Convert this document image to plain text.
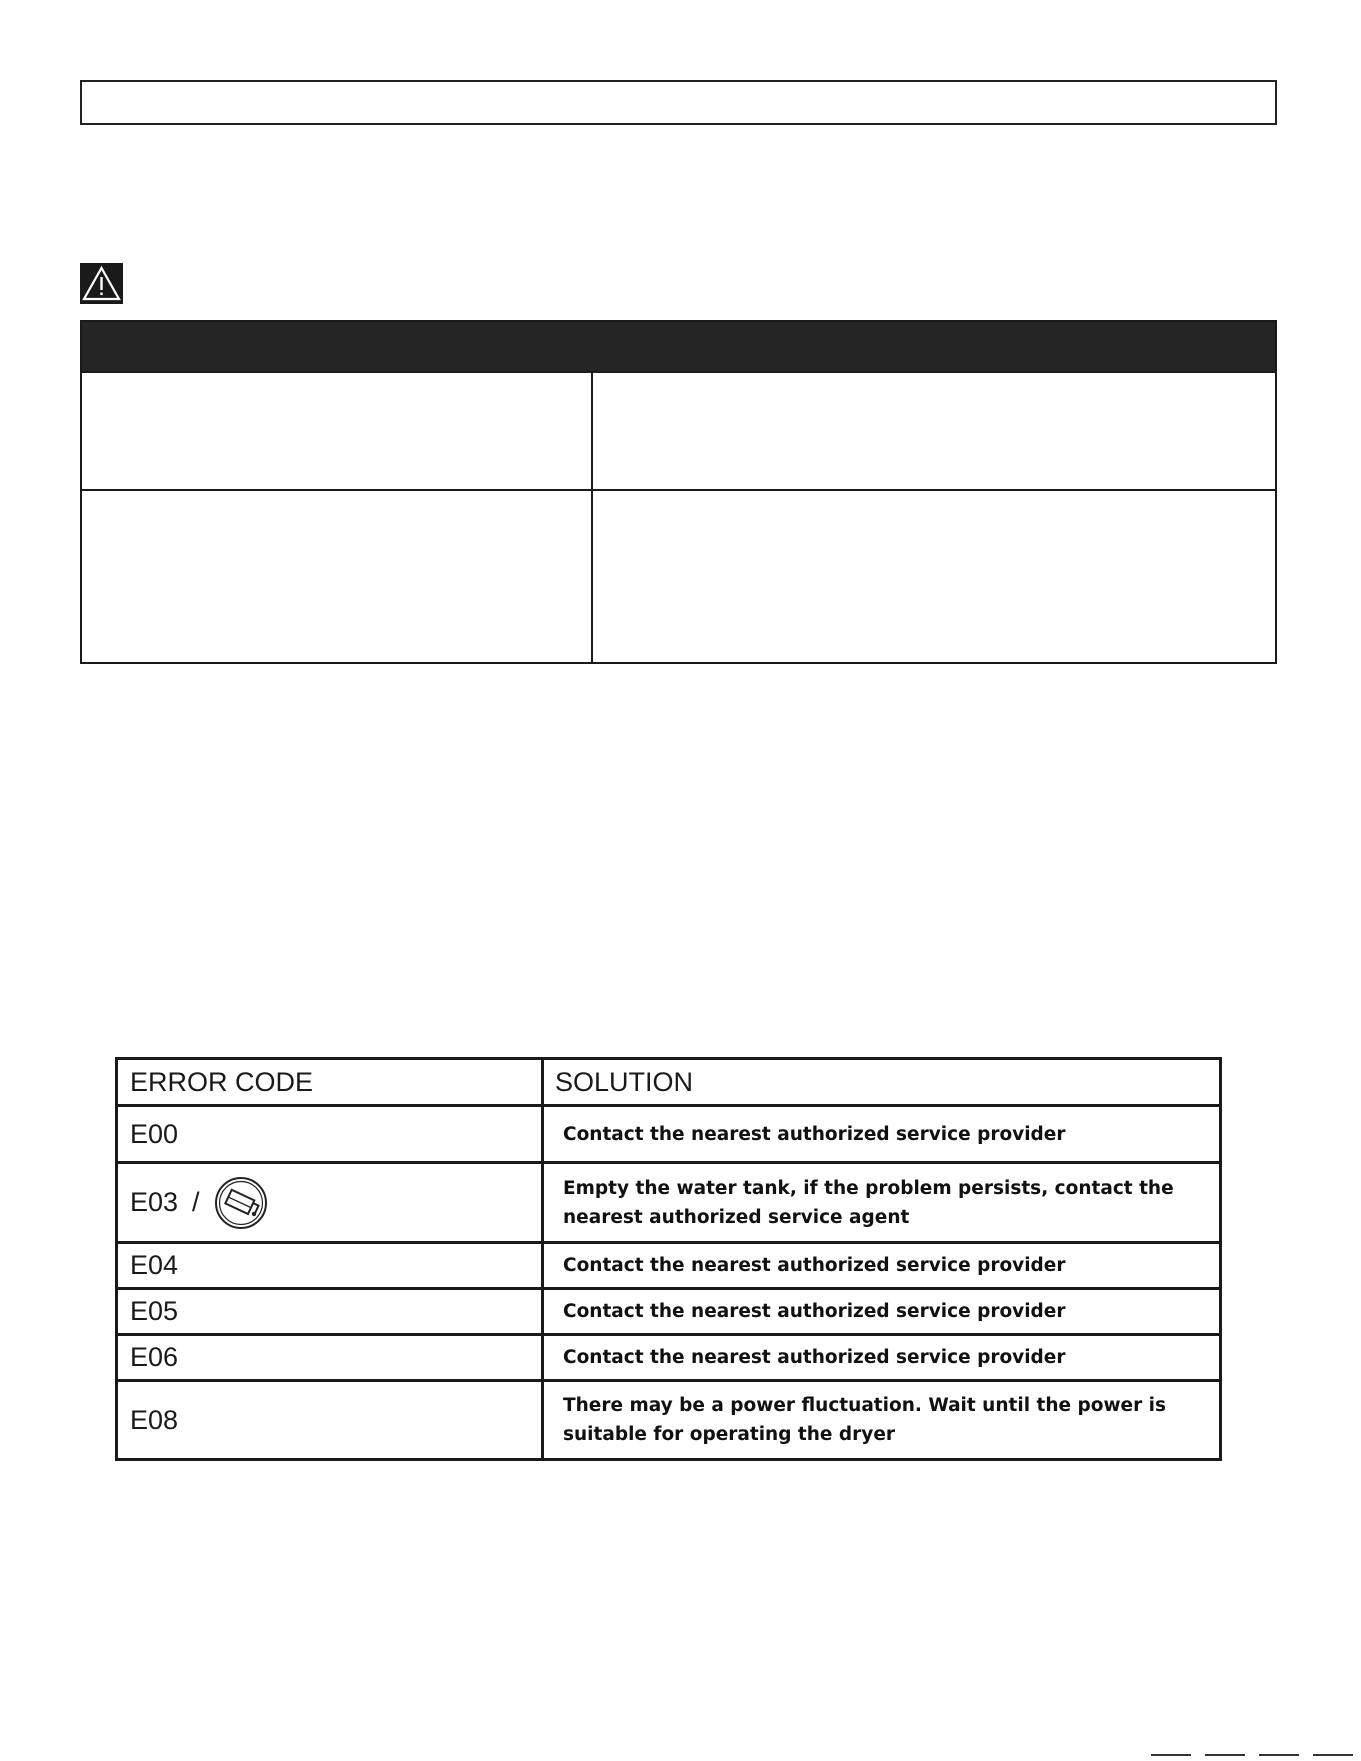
ERROR CODE	SOLUTION
E00	Contact the nearest authorized service provider
E03 /	Empty the water tank, if the problem persists, contact the nearest authorized service agent
E04	Contact the nearest authorized service provider
E05	Contact the nearest authorized service provider
E06	Contact the nearest authorized service provider
E08	There may be a power fluctuation. Wait until the power is suitable for operating the dryer
